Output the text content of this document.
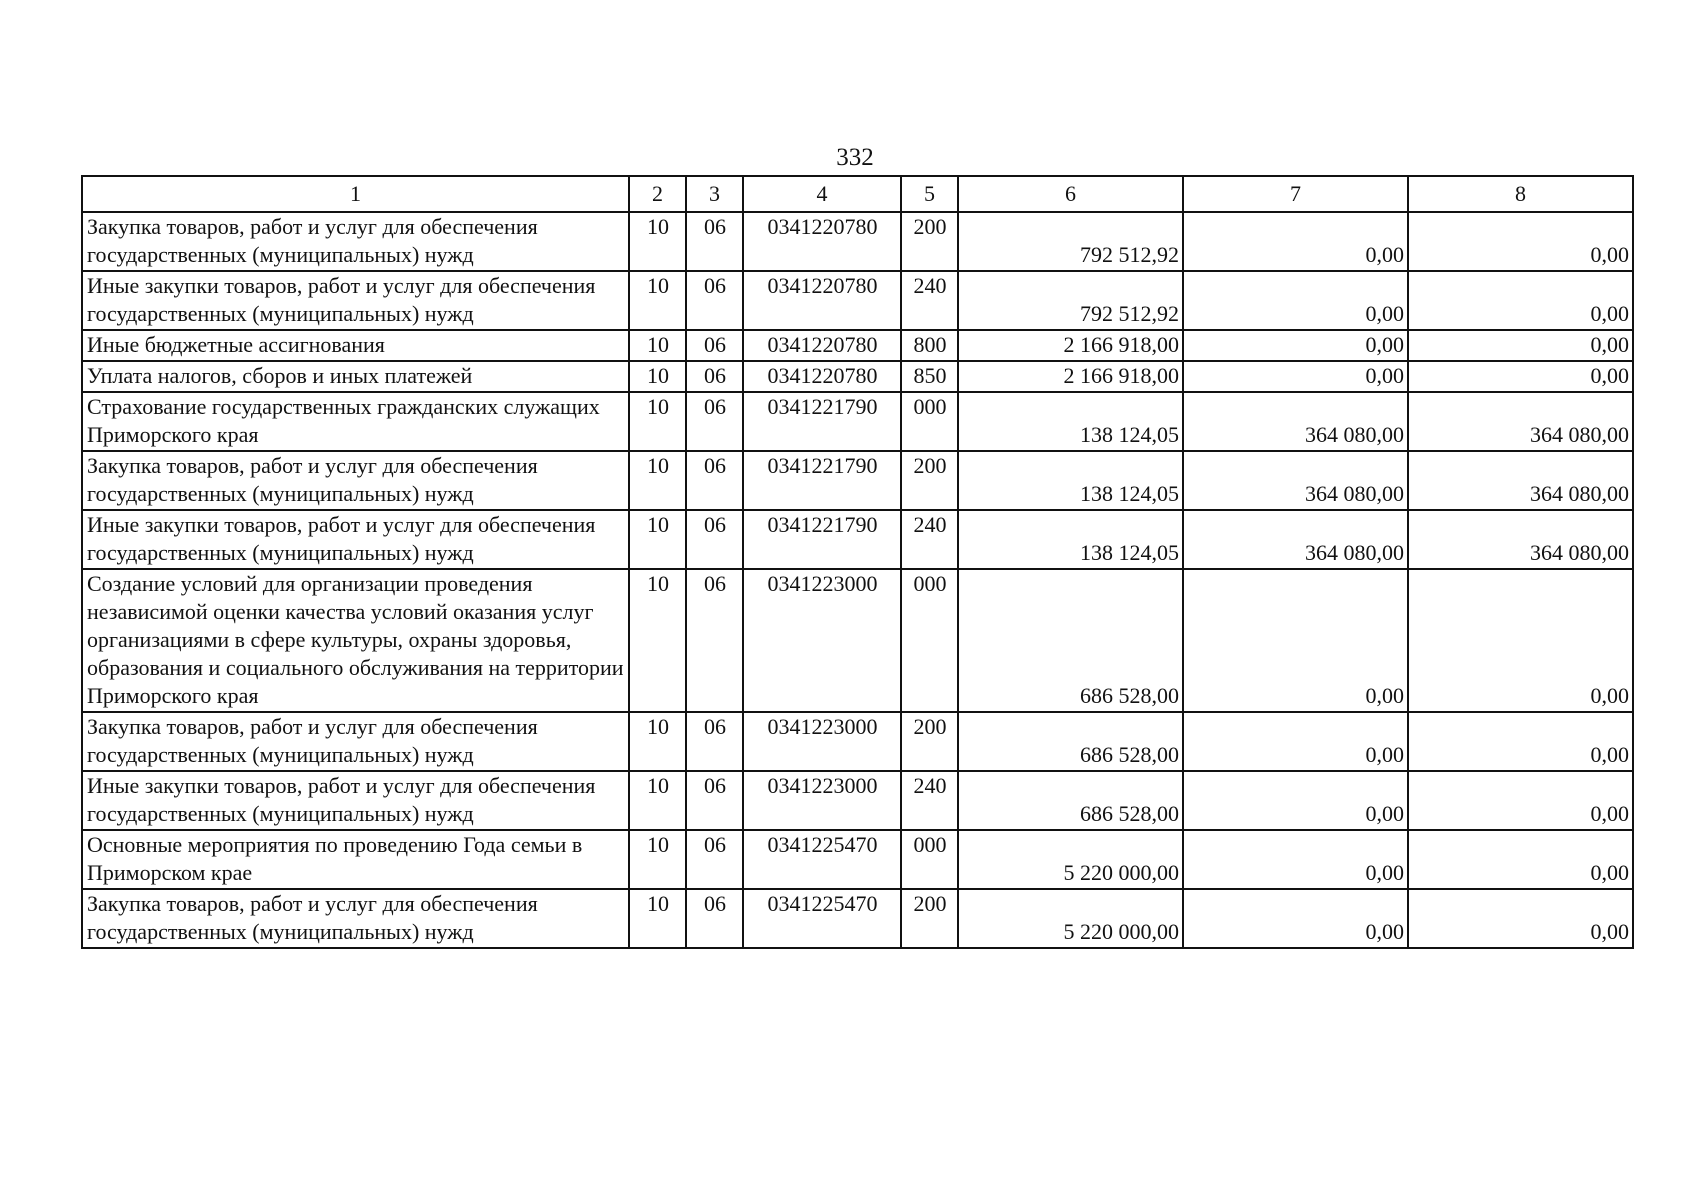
332
1	2	3	4	5	6	7	8
Закупка товаров, работ и услуг для обеспечения государственных (муниципальных) нужд	10	06	0341220780	200	792 512,92	0,00	0,00
Иные закупки товаров, работ и услуг для обеспечения государственных (муниципальных) нужд	10	06	0341220780	240	792 512,92	0,00	0,00
Иные бюджетные ассигнования	10	06	0341220780	800	2 166 918,00	0,00	0,00
Уплата налогов, сборов и иных платежей	10	06	0341220780	850	2 166 918,00	0,00	0,00
Страхование государственных гражданских служащих Приморского края	10	06	0341221790	000	138 124,05	364 080,00	364 080,00
Закупка товаров, работ и услуг для обеспечения государственных (муниципальных) нужд	10	06	0341221790	200	138 124,05	364 080,00	364 080,00
Иные закупки товаров, работ и услуг для обеспечения государственных (муниципальных) нужд	10	06	0341221790	240	138 124,05	364 080,00	364 080,00
Создание условий для организации проведения независимой оценки качества условий оказания услуг организациями в сфере культуры, охраны здоровья, образования и социального обслуживания на территории Приморского края	10	06	0341223000	000	686 528,00	0,00	0,00
Закупка товаров, работ и услуг для обеспечения государственных (муниципальных) нужд	10	06	0341223000	200	686 528,00	0,00	0,00
Иные закупки товаров, работ и услуг для обеспечения государственных (муниципальных) нужд	10	06	0341223000	240	686 528,00	0,00	0,00
Основные мероприятия по проведению Года семьи в Приморском крае	10	06	0341225470	000	5 220 000,00	0,00	0,00
Закупка товаров, работ и услуг для обеспечения государственных (муниципальных) нужд	10	06	0341225470	200	5 220 000,00	0,00	0,00
